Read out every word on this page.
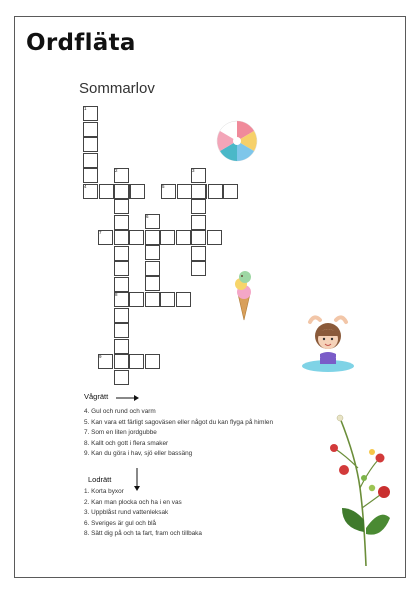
Ordfläta
Sommarlov
1
2	3
4	5
6
7
8
9
Vågrätt
4. Gul och rund och varm
5. Kan vara ett färligt sagoväsen eller något du kan flyga på himlen
7. Som en liten jordgubbe
8. Kallt och gott i flera smaker
9. Kan du göra i hav, sjö eller bassäng
Lodrätt
1. Korta byxor
2. Kan man plocka och ha i en vas
3. Uppblåst rund vattenleksak
6. Sveriges är gul och blå
8. Sätt dig på och ta fart, fram och tillbaka
